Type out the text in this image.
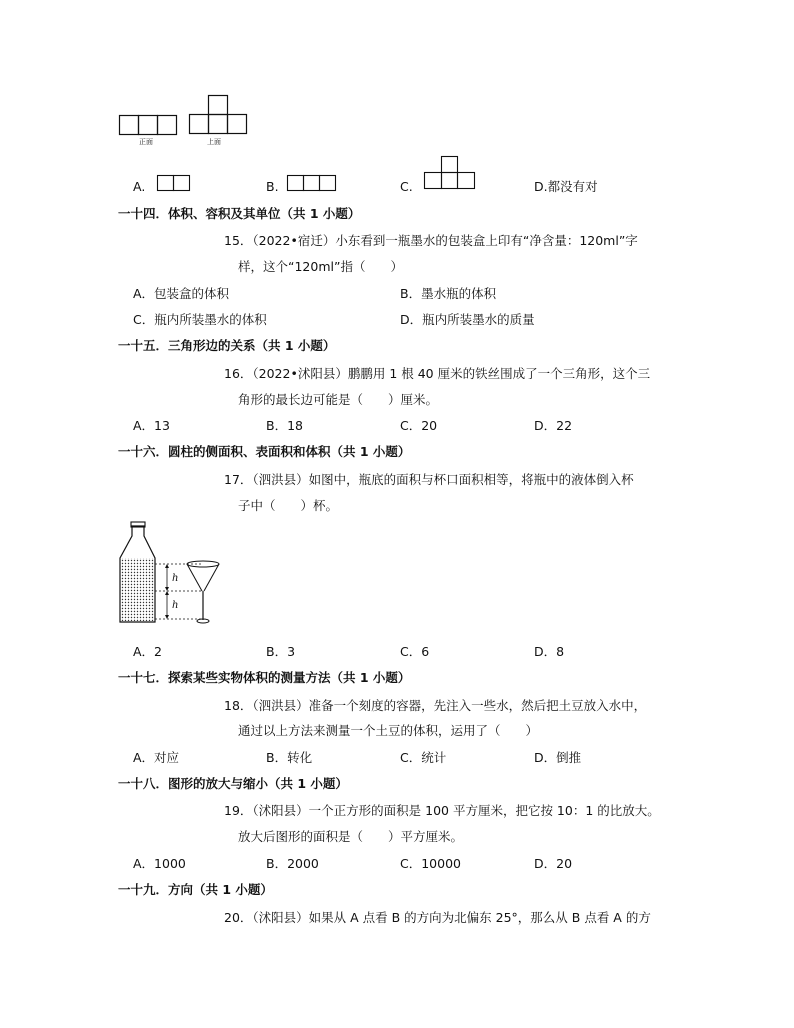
正面	上面
A.	B.	C.	D.都没有对
一十四．体积、容积及其单位（共 1 小题）
15．（2022•宿迁）小东看到一瓶墨水的包装盒上印有“净含量：120ml”字
样，这个“120ml”指（　　）
A．包装盒的体积	B．墨水瓶的体积
C．瓶内所装墨水的体积	D．瓶内所装墨水的质量
一十五．三角形边的关系（共 1 小题）
16．（2022•沭阳县）鹏鹏用 1 根 40 厘米的铁丝围成了一个三角形，这个三
角形的最长边可能是（　　）厘米。
A．13	B．18	C．20	D．22
一十六．圆柱的侧面积、表面积和体积（共 1 小题）
17．（泗洪县）如图中，瓶底的面积与杯口面积相等，将瓶中的液体倒入杯
子中（　　）杯。
h
h
A．2	B．3	C．6	D．8
一十七．探索某些实物体积的测量方法（共 1 小题）
18．（泗洪县）准备一个刻度的容器，先注入一些水，然后把土豆放入水中，
通过以上方法来测量一个土豆的体积，运用了（　　）
A．对应	B．转化	C．统计	D．倒推
一十八．图形的放大与缩小（共 1 小题）
19．（沭阳县）一个正方形的面积是 100 平方厘米，把它按 10：1 的比放大。
放大后图形的面积是（　　）平方厘米。
A．1000	B．2000	C．10000	D．20
一十九．方向（共 1 小题）
20．（沭阳县）如果从 A 点看 B 的方向为北偏东 25°，那么从 B 点看 A 的方
